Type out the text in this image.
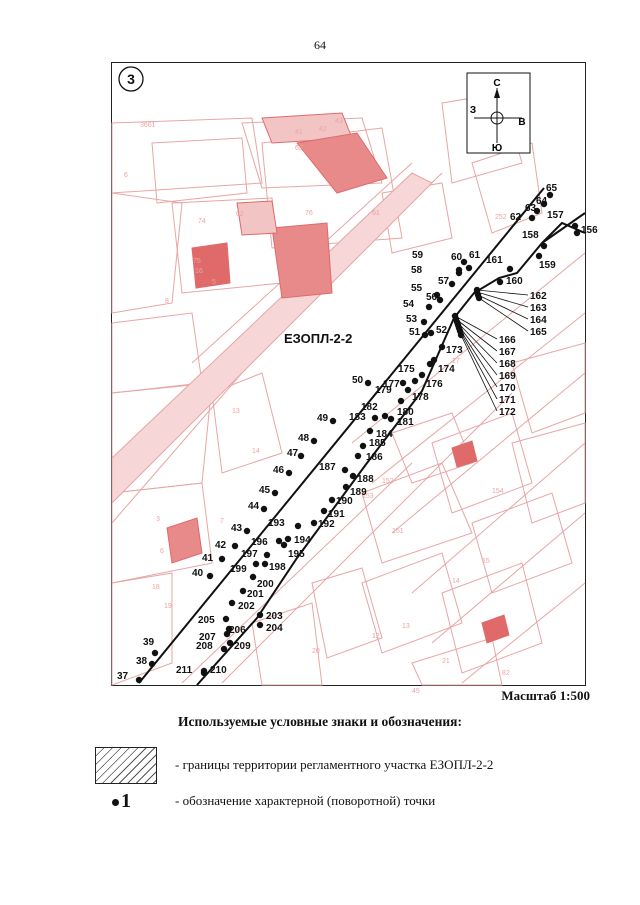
64
3661
41 42
43
6
63
74
75
62	76	61
252
16
8
5
13
14
3	7
6
12
13
14
15
151
152
153
154
18
19
20
21
45
82
27
3	С
Ю
В
З
ЕЗОПЛ-2-2
37
38
39
40
41
42
43
44
45
46
47
48
49
50
51 52
53
54
55
56
57
58
59	60 61
62
63
64
65
157
156
158
159
161
160
162
163
164
165
166
167
168
169
170
171
172
173
174
175
176
177
178
179
180
181
182
183
184
185
186
187
188
189
190
191
192
193
194
195
196
197
198
199
200
201
202
203
204
205
206
207
208 209
210
211
Масштаб 1:500
Используемые условные знаки и обозначения:
- границы территории регламентного участка ЕЗОПЛ-2-2
1	- обозначение характерной (поворотной) точки
